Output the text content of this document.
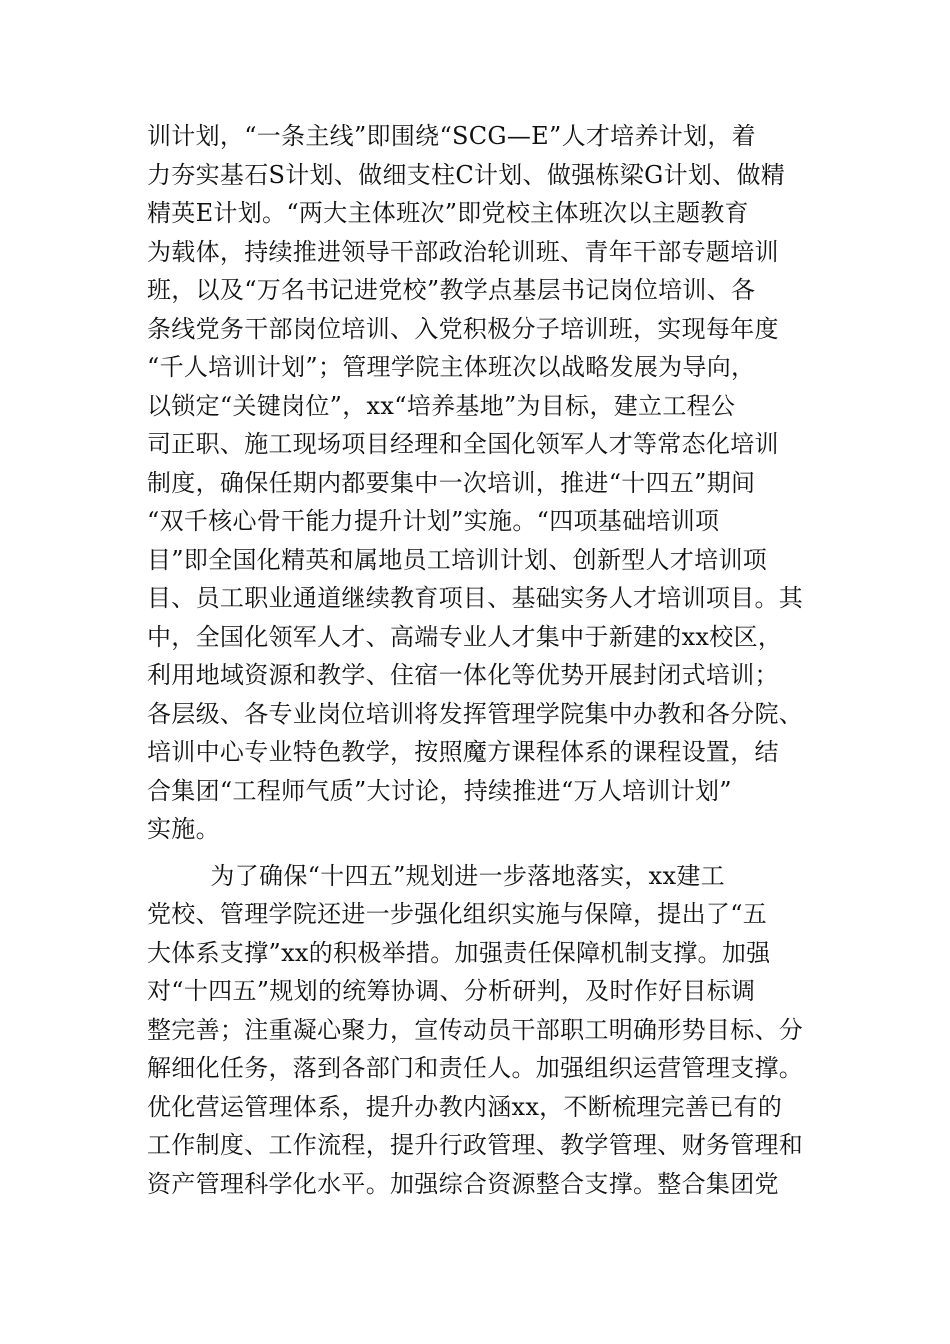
训计划，“一条主线”即围绕“SCG—E”人才培养计划，着
力夯实基石S计划、做细支柱C计划、做强栋梁G计划、做精
精英E计划。“两大主体班次”即党校主体班次以主题教育
为载体，持续推进领导干部政治轮训班、青年干部专题培训
班，以及“万名书记进党校”教学点基层书记岗位培训、各
条线党务干部岗位培训、入党积极分子培训班，实现每年度
“千人培训计划”；管理学院主体班次以战略发展为导向，
以锁定“关键岗位”，xx“培养基地”为目标，建立工程公
司正职、施工现场项目经理和全国化领军人才等常态化培训
制度，确保任期内都要集中一次培训，推进“十四五”期间
“双千核心骨干能力提升计划”实施。“四项基础培训项
目”即全国化精英和属地员工培训计划、创新型人才培训项
目、员工职业通道继续教育项目、基础实务人才培训项目。其
中，全国化领军人才、高端专业人才集中于新建的xx校区，
利用地域资源和教学、住宿一体化等优势开展封闭式培训；
各层级、各专业岗位培训将发挥管理学院集中办教和各分院、
培训中心专业特色教学，按照魔方课程体系的课程设置，结
合集团“工程师气质”大讨论，持续推进“万人培训计划”
实施。
为了确保“十四五”规划进一步落地落实，xx建工
党校、管理学院还进一步强化组织实施与保障，提出了“五
大体系支撑”xx的积极举措。加强责任保障机制支撑。加强
对“十四五”规划的统筹协调、分析研判，及时作好目标调
整完善；注重凝心聚力，宣传动员干部职工明确形势目标、分
解细化任务，落到各部门和责任人。加强组织运营管理支撑。
优化营运管理体系，提升办教内涵xx，不断梳理完善已有的
工作制度、工作流程，提升行政管理、教学管理、财务管理和
资产管理科学化水平。加强综合资源整合支撑。整合集团党
